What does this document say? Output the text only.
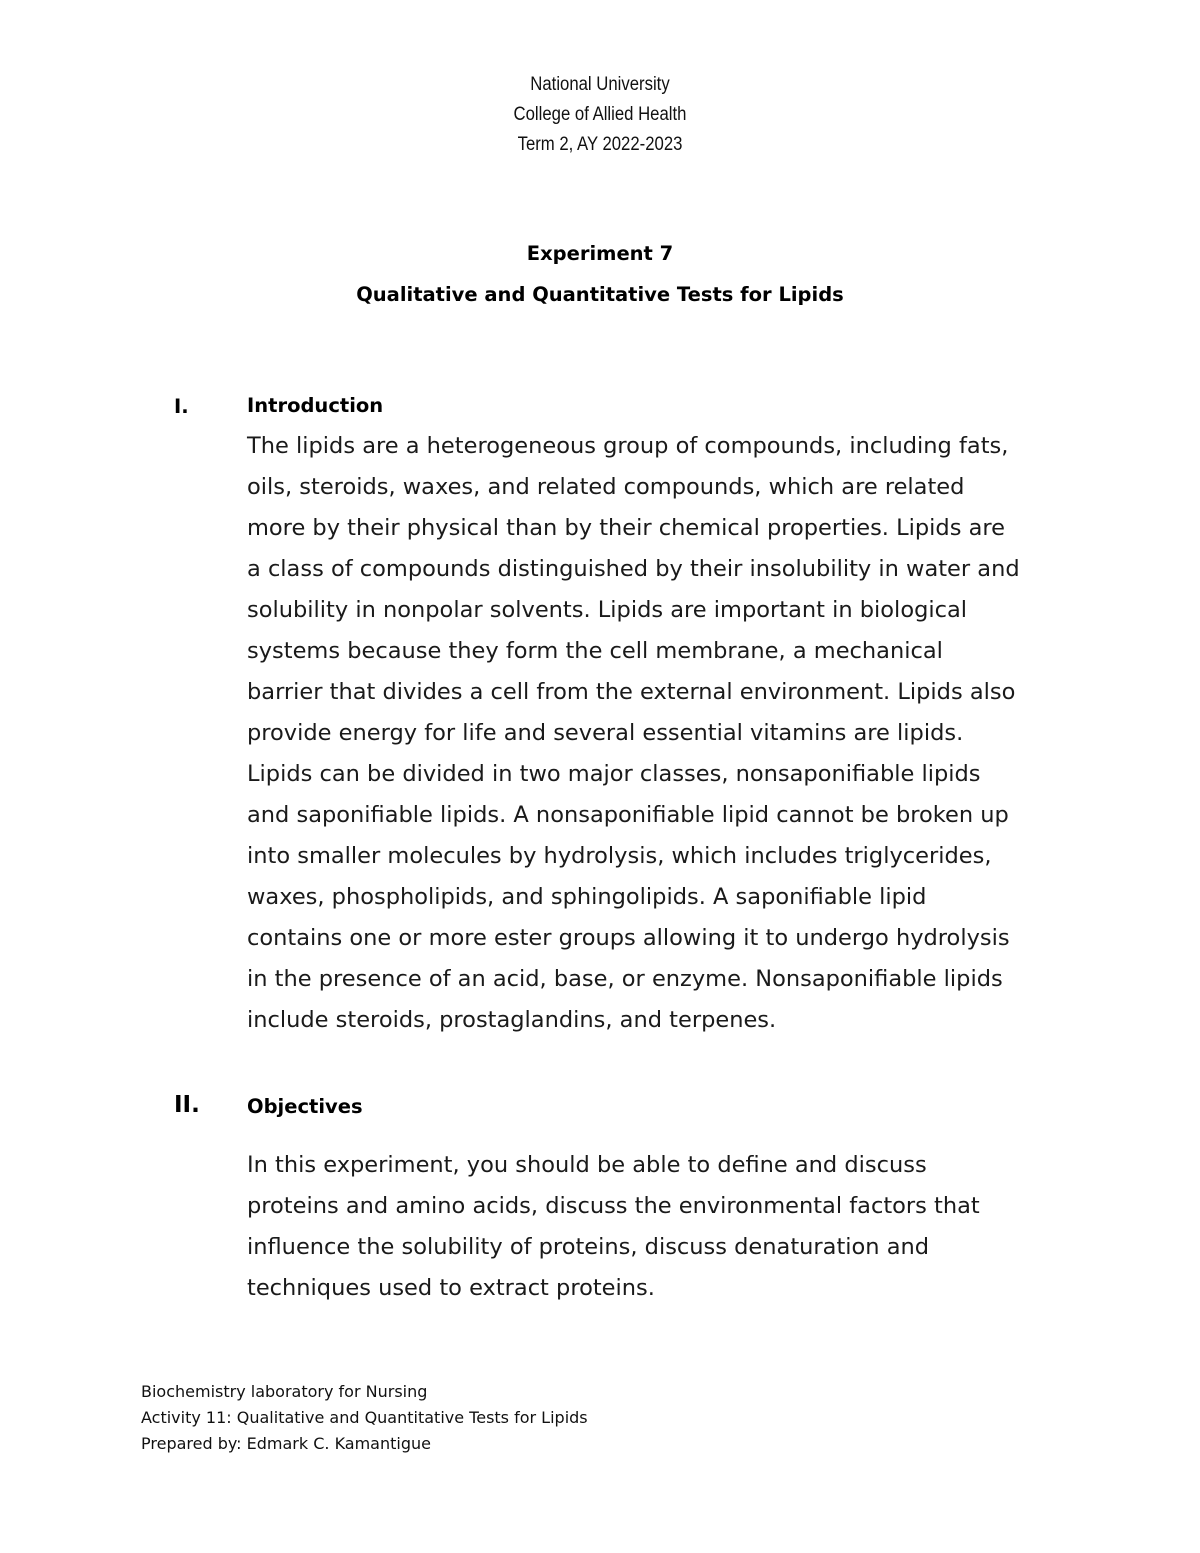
National University
College of Allied Health
Term 2, AY 2022-2023
Experiment 7
Qualitative and Quantitative Tests for Lipids
I.	Introduction
The lipids are a heterogeneous group of compounds, including fats,
oils, steroids, waxes, and related compounds, which are related
more by their physical than by their chemical properties. Lipids are
a class of compounds distinguished by their insolubility in water and
solubility in nonpolar solvents. Lipids are important in biological
systems because they form the cell membrane, a mechanical
barrier that divides a cell from the external environment. Lipids also
provide energy for life and several essential vitamins are lipids.
Lipids can be divided in two major classes, nonsaponifiable lipids
and saponifiable lipids. A nonsaponifiable lipid cannot be broken up
into smaller molecules by hydrolysis, which includes triglycerides,
waxes, phospholipids, and sphingolipids. A saponifiable lipid
contains one or more ester groups allowing it to undergo hydrolysis
in the presence of an acid, base, or enzyme. Nonsaponifiable lipids
include steroids, prostaglandins, and terpenes.
II. Objectives
In this experiment, you should be able to define and discuss
proteins and amino acids, discuss the environmental factors that
influence the solubility of proteins, discuss denaturation and
techniques used to extract proteins.
Biochemistry laboratory for Nursing
Activity 11: Qualitative and Quantitative Tests for Lipids
Prepared by: Edmark C. Kamantigue
